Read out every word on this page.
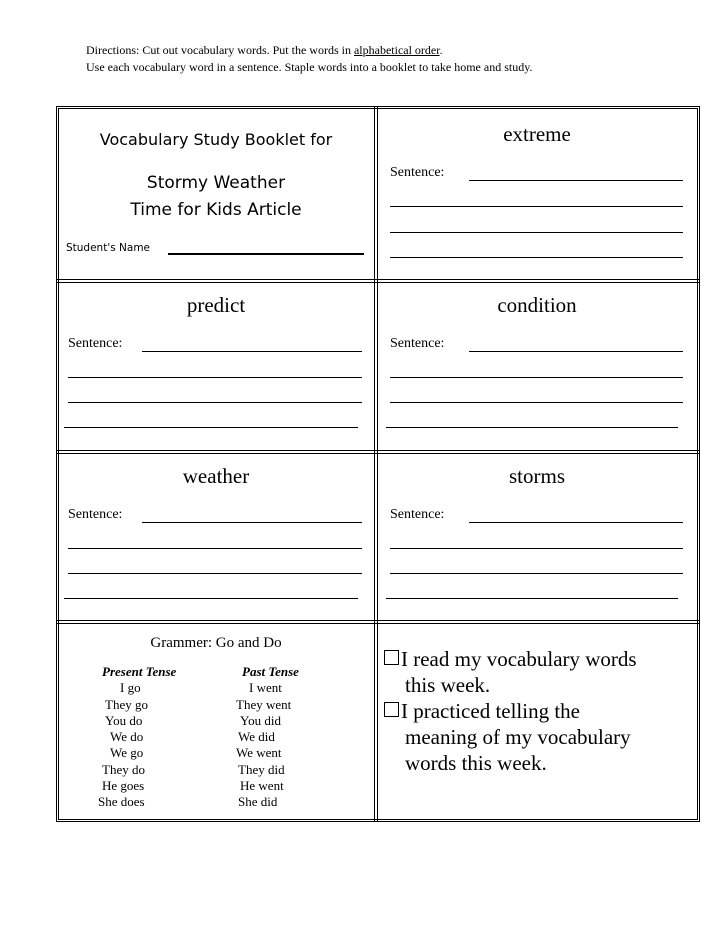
Directions: Cut out vocabulary words. Put the words in alphabetical order.
Use each vocabulary word in a sentence. Staple words into a booklet to take home and study.
Vocabulary Study Booklet for
Stormy Weather
Time for Kids Article
Student's Name
extreme
Sentence:
predict
Sentence:
condition
Sentence:
weather
Sentence:
storms
Sentence:
Grammer: Go and Do
Present Tense
I go
They go
You do
We do
We go
They do
He goes
She does
Past Tense
I went
They went
You did
We did
We went
They did
He went
She did
I read my vocabulary words
this week.
I practiced telling the
meaning of my vocabulary
words this week.
